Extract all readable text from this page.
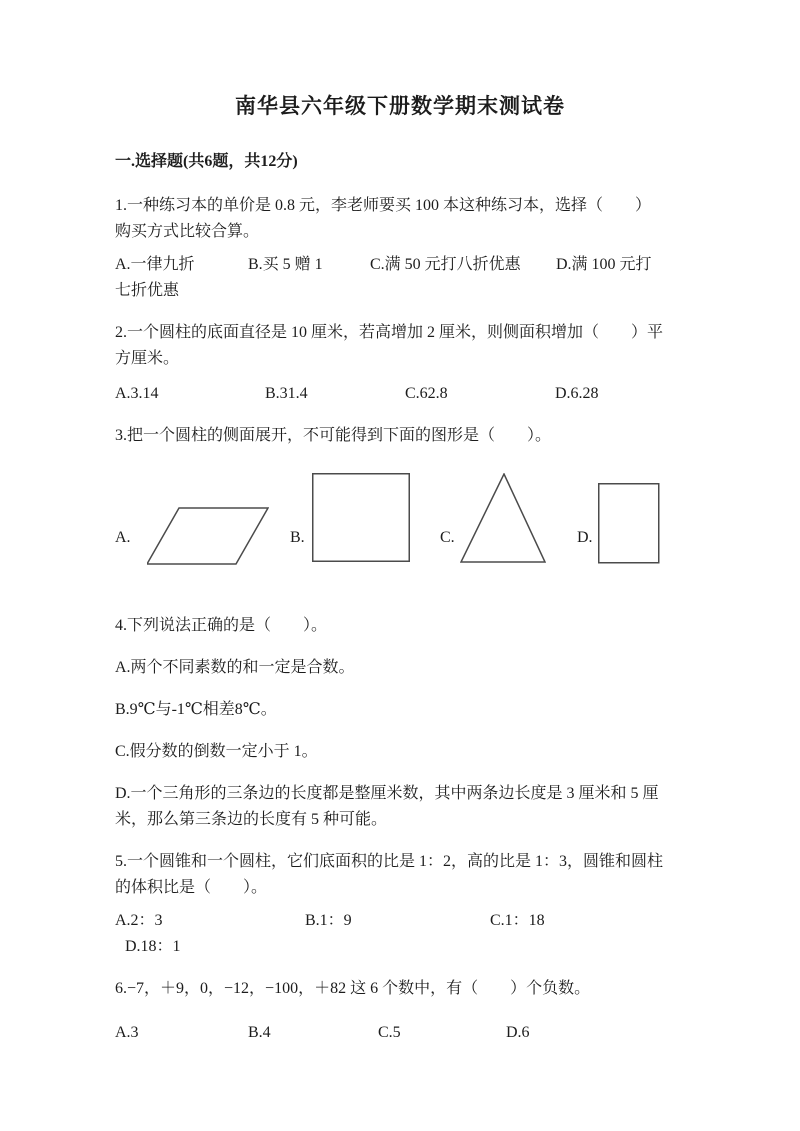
南华县六年级下册数学期末测试卷
一.选择题(共6题，共12分)

1.一种练习本的单价是 0.8 元，李老师要买 100 本这种练习本，选择（　　）

购买方式比较合算。

A.一律九折	B.买 5 赠 1	C.满 50 元打八折优惠	D.满 100 元打

七折优惠

2.一个圆柱的底面直径是 10 厘米，若高增加 2 厘米，则侧面积增加（　　）平

方厘米。

A.3.14	B.31.4	C.62.8	D.6.28

3.把一个圆柱的侧面展开，不可能得到下面的图形是（　　）。

A.	B.	C.	D.

4.下列说法正确的是（　　）。

A.两个不同素数的和一定是合数。

B.9℃与-1℃相差8℃。

C.假分数的倒数一定小于 1。

D.一个三角形的三条边的长度都是整厘米数，其中两条边长度是 3 厘米和 5 厘

米，那么第三条边的长度有 5 种可能。

5.一个圆锥和一个圆柱，它们底面积的比是 1：2，高的比是 1：3，圆锥和圆柱

的体积比是（　　）。

A.2：3	B.1：9	C.1：18

D.18：1

6.−7，＋9，0，−12，−100，＋82 这 6 个数中，有（　　）个负数。

A.3	B.4	C.5	D.6
